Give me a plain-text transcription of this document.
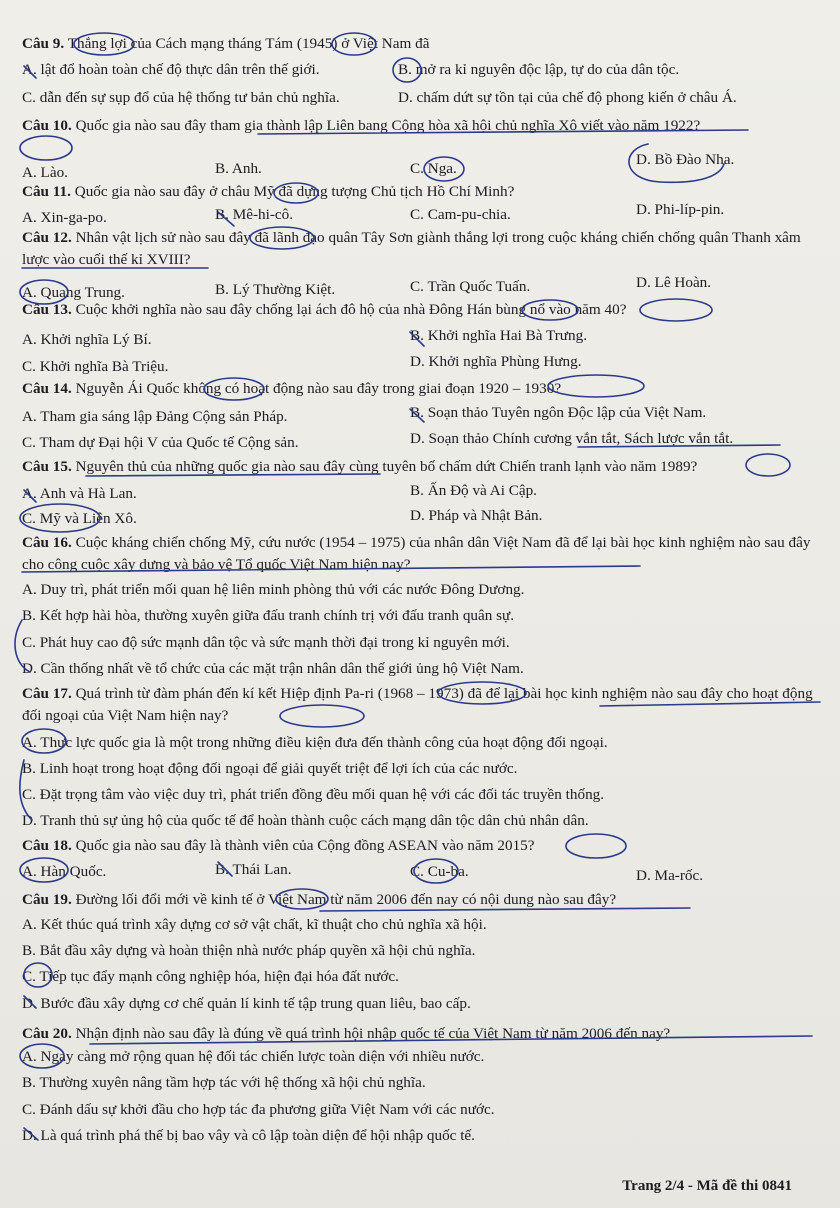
Câu 9. Thắng lợi của Cách mạng tháng Tám (1945) ở Việt Nam đã
A. lật đổ hoàn toàn chế độ thực dân trên thế giới.	B. mở ra kỉ nguyên độc lập, tự do của dân tộc.
C. dẫn đến sự sụp đổ của hệ thống tư bản chủ nghĩa.	D. chấm dứt sự tồn tại của chế độ phong kiến ở châu Á.
Câu 10. Quốc gia nào sau đây tham gia thành lập Liên bang Cộng hòa xã hội chủ nghĩa Xô viết vào năm 1922?
A. Lào.	B. Anh.	C. Nga.
D. Bồ Đào Nha.
Câu 11. Quốc gia nào sau đây ở châu Mỹ đã dựng tượng Chủ tịch Hồ Chí Minh?
A. Xin-ga-po.	B. Mê-hi-cô.	C. Cam-pu-chia.	D. Phi-líp-pin.
Câu 12. Nhân vật lịch sử nào sau đây đã lãnh đạo quân Tây Sơn giành thắng lợi trong cuộc kháng chiến chống quân Thanh xâm lược vào cuối thế kỉ XVIII?
A. Quang Trung.	B. Lý Thường Kiệt.	C. Trần Quốc Tuấn.	D. Lê Hoàn.
Câu 13. Cuộc khởi nghĩa nào sau đây chống lại ách đô hộ của nhà Đông Hán bùng nổ vào năm 40?
A. Khởi nghĩa Lý Bí.	B. Khởi nghĩa Hai Bà Trưng.
C. Khởi nghĩa Bà Triệu.	D. Khởi nghĩa Phùng Hưng.
Câu 14. Nguyễn Ái Quốc không có hoạt động nào sau đây trong giai đoạn 1920 – 1930?
A. Tham gia sáng lập Đảng Cộng sản Pháp.	B. Soạn thảo Tuyên ngôn Độc lập của Việt Nam.
C. Tham dự Đại hội V của Quốc tế Cộng sản.	D. Soạn thảo Chính cương vắn tắt, Sách lược vắn tắt.
Câu 15. Nguyên thủ của những quốc gia nào sau đây cùng tuyên bố chấm dứt Chiến tranh lạnh vào năm 1989?
A. Anh và Hà Lan.	B. Ấn Độ và Ai Cập.
C. Mỹ và Liên Xô.	D. Pháp và Nhật Bản.
Câu 16. Cuộc kháng chiến chống Mỹ, cứu nước (1954 – 1975) của nhân dân Việt Nam đã để lại bài học kinh nghiệm nào sau đây cho công cuộc xây dựng và bảo vệ Tổ quốc Việt Nam hiện nay?
A. Duy trì, phát triển mối quan hệ liên minh phòng thủ với các nước Đông Dương.
B. Kết hợp hài hòa, thường xuyên giữa đấu tranh chính trị với đấu tranh quân sự.
C. Phát huy cao độ sức mạnh dân tộc và sức mạnh thời đại trong kỉ nguyên mới.
D. Cần thống nhất về tổ chức của các mặt trận nhân dân thế giới ủng hộ Việt Nam.
Câu 17. Quá trình từ đàm phán đến kí kết Hiệp định Pa-ri (1968 – 1973) đã để lại bài học kinh nghiệm nào sau đây cho hoạt động đối ngoại của Việt Nam hiện nay?
A. Thực lực quốc gia là một trong những điều kiện đưa đến thành công của hoạt động đối ngoại.
B. Linh hoạt trong hoạt động đối ngoại để giải quyết triệt để lợi ích của các nước.
C. Đặt trọng tâm vào việc duy trì, phát triển đồng đều mối quan hệ với các đối tác truyền thống.
D. Tranh thủ sự ủng hộ của quốc tế để hoàn thành cuộc cách mạng dân tộc dân chủ nhân dân.
Câu 18. Quốc gia nào sau đây là thành viên của Cộng đồng ASEAN vào năm 2015?
A. Hàn Quốc.	B. Thái Lan.	C. Cu-ba.	D. Ma-rốc.
Câu 19. Đường lối đổi mới về kinh tế ở Việt Nam từ năm 2006 đến nay có nội dung nào sau đây?
A. Kết thúc quá trình xây dựng cơ sở vật chất, kĩ thuật cho chủ nghĩa xã hội.
B. Bắt đầu xây dựng và hoàn thiện nhà nước pháp quyền xã hội chủ nghĩa.
C. Tiếp tục đẩy mạnh công nghiệp hóa, hiện đại hóa đất nước.
D. Bước đầu xây dựng cơ chế quản lí kinh tế tập trung quan liêu, bao cấp.
Câu 20. Nhận định nào sau đây là đúng về quá trình hội nhập quốc tế của Việt Nam từ năm 2006 đến nay?
A. Ngày càng mở rộng quan hệ đối tác chiến lược toàn diện với nhiều nước.
B. Thường xuyên nâng tầm hợp tác với hệ thống xã hội chủ nghĩa.
C. Đánh dấu sự khởi đầu cho hợp tác đa phương giữa Việt Nam với các nước.
D. Là quá trình phá thế bị bao vây và cô lập toàn diện để hội nhập quốc tế.
Trang 2/4 - Mã đề thi 0841
